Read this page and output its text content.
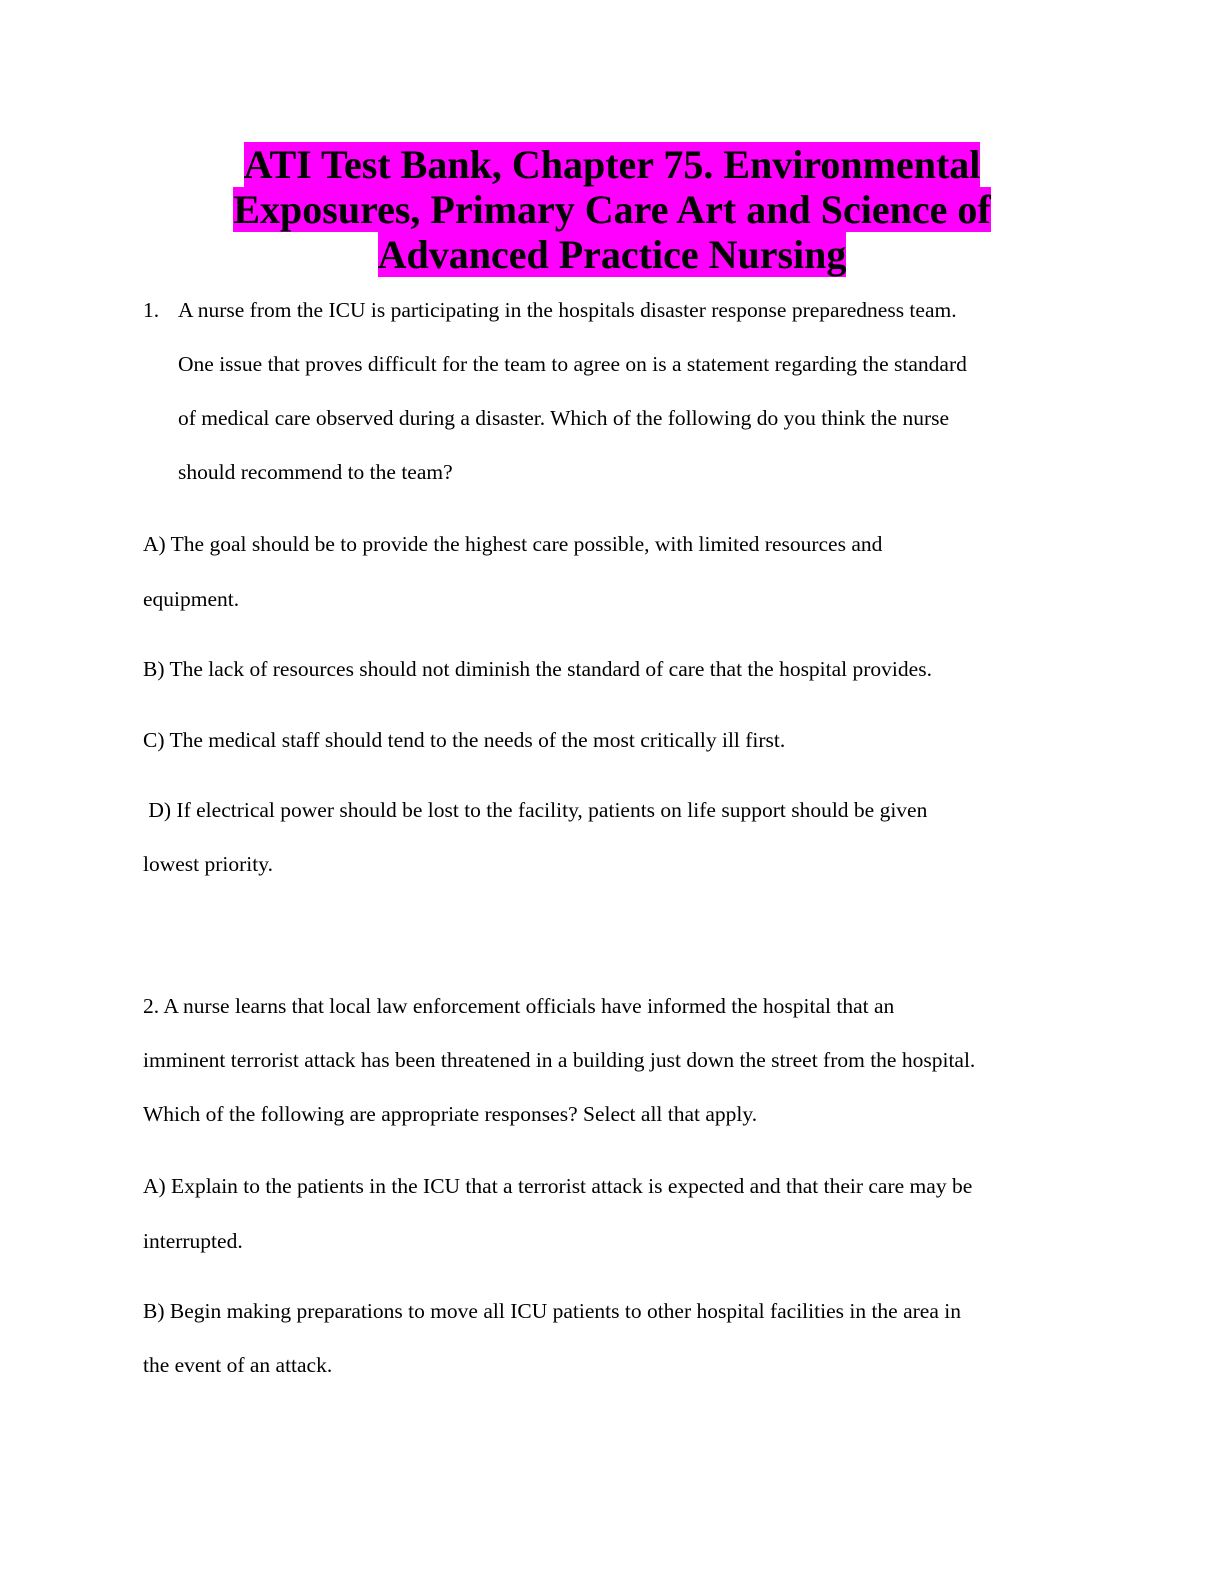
ATI Test Bank, Chapter 75. Environmental
Exposures, Primary Care Art and Science of
Advanced Practice Nursing
1. A nurse from the ICU is participating in the hospitals disaster response preparedness team.
One issue that proves difficult for the team to agree on is a statement regarding the standard
of medical care observed during a disaster. Which of the following do you think the nurse
should recommend to the team?
A) The goal should be to provide the highest care possible, with limited resources and
equipment.
B) The lack of resources should not diminish the standard of care that the hospital provides.
C) The medical staff should tend to the needs of the most critically ill first.
D) If electrical power should be lost to the facility, patients on life support should be given
lowest priority.
2. A nurse learns that local law enforcement officials have informed the hospital that an
imminent terrorist attack has been threatened in a building just down the street from the hospital.
Which of the following are appropriate responses? Select all that apply.
A) Explain to the patients in the ICU that a terrorist attack is expected and that their care may be
interrupted.
B) Begin making preparations to move all ICU patients to other hospital facilities in the area in
the event of an attack.
